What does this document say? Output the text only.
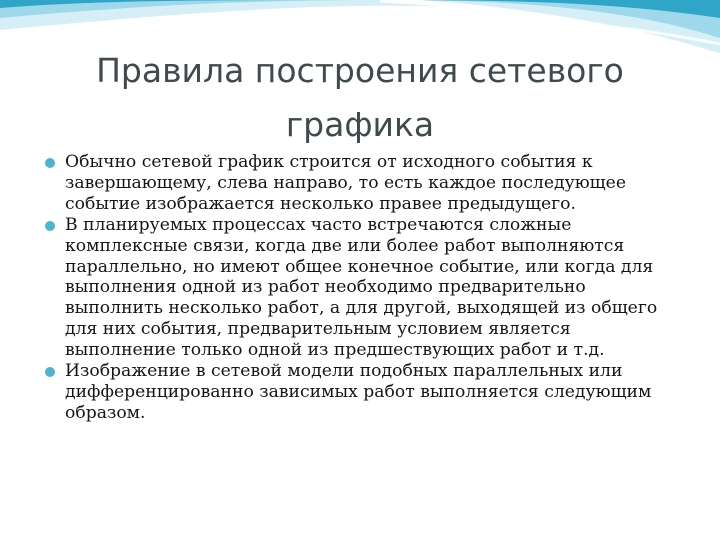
Правила построения сетевого графика
Обычно сетевой график строится от исходного события к завершающему, слева направо, то есть каждое последующее событие изображается несколько правее предыдущего.
В планируемых процессах часто встречаются сложные комплексные связи, когда две или более работ выполняются параллельно, но имеют общее конечное событие, или когда для выполнения одной из работ необходимо предварительно выполнить несколько работ, а для другой, выходящей из общего для них события, предварительным условием является выполнение только одной из предшествующих работ и т.д.
Изображение в сетевой модели подобных параллельных или дифференцированно зависимых работ выполняется следующим образом.
